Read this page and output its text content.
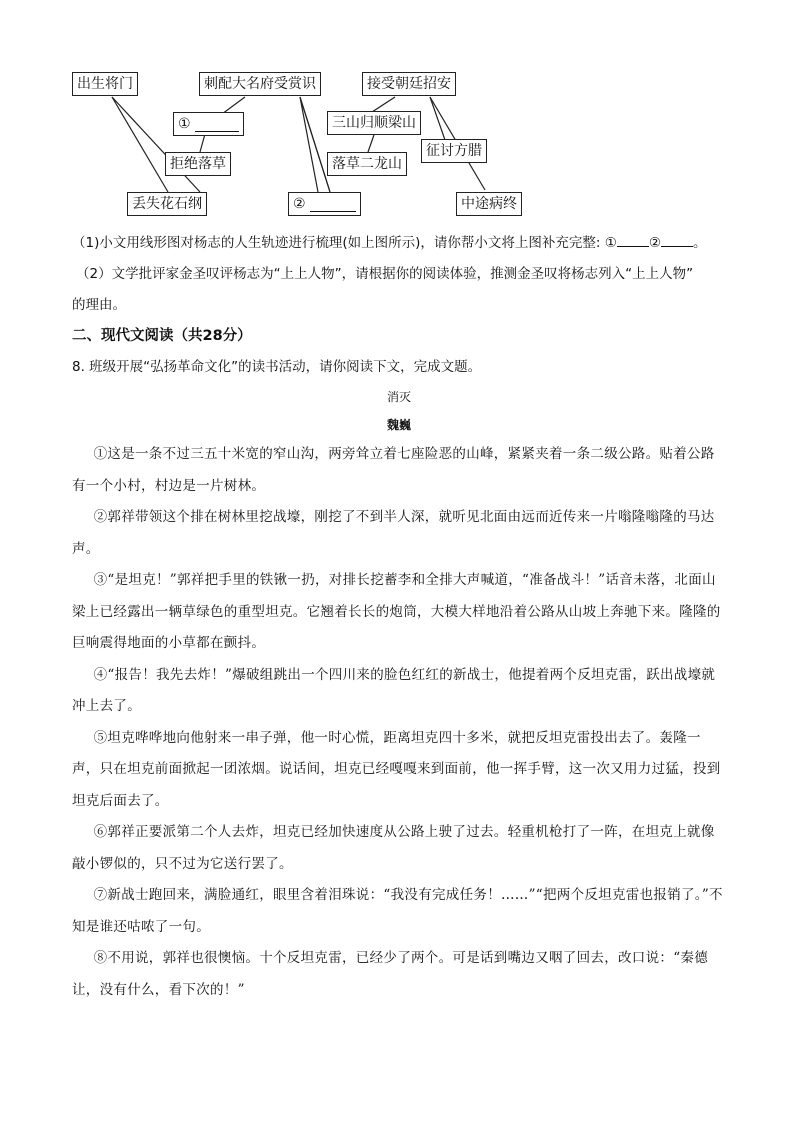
出生将门	刺配大名府受赏识	接受朝廷招安
①	三山归顺梁山
拒绝落草	落草二龙山
征讨方腊
丢失花石纲	②	中途病终

（1)小文用线形图对杨志的人生轨迹进行梳理(如上图所示)，请你帮小文将上图补充完整: ① ② 。

（2）文学批评家金圣叹评杨志为“上上人物”，请根据你的阅读体验，推测金圣叹将杨志列入“上上人物”

的理由。

二、现代文阅读（共28分）

8. 班级开展“弘扬革命文化”的读书活动，请你阅读下文，完成文题。

消灭

魏巍

①这是一条不过三五十米宽的窄山沟，两旁耸立着七座险恶的山峰，紧紧夹着一条二级公路。贴着公路有一个小村，村边是一片树林。

②郭祥带领这个排在树林里挖战壕，刚挖了不到半人深，就听见北面由远而近传来一片嗡隆嗡隆的马达声。

③“是坦克！”郭祥把手里的铁锹一扔，对排长挖蓄李和全排大声喊道，“准备战斗！”话音未落，北面山梁上已经露出一辆草绿色的重型坦克。它翘着长长的炮筒，大模大样地沿着公路从山坡上奔驰下来。隆隆的巨响震得地面的小草都在颤抖。

④“报告！我先去炸！”爆破组跳出一个四川来的脸色红红的新战士，他提着两个反坦克雷，跃出战壕就冲上去了。

⑤坦克哗哗地向他射来一串子弹，他一时心慌，距离坦克四十多米，就把反坦克雷投出去了。轰隆一声，只在坦克前面掀起一团浓烟。说话间，坦克已经嘎嘎来到面前，他一挥手臂，这一次又用力过猛，投到坦克后面去了。

⑥郭祥正要派第二个人去炸，坦克已经加快速度从公路上驶了过去。轻重机枪打了一阵，在坦克上就像敲小锣似的，只不过为它送行罢了。

⑦新战士跑回来，满脸通红，眼里含着泪珠说：“我没有完成任务！……”“把两个反坦克雷也报销了。”不知是谁还咕哝了一句。

⑧不用说，郭祥也很懊恼。十个反坦克雷，已经少了两个。可是话到嘴边又咽了回去，改口说：“秦德让，没有什么，看下次的！”
